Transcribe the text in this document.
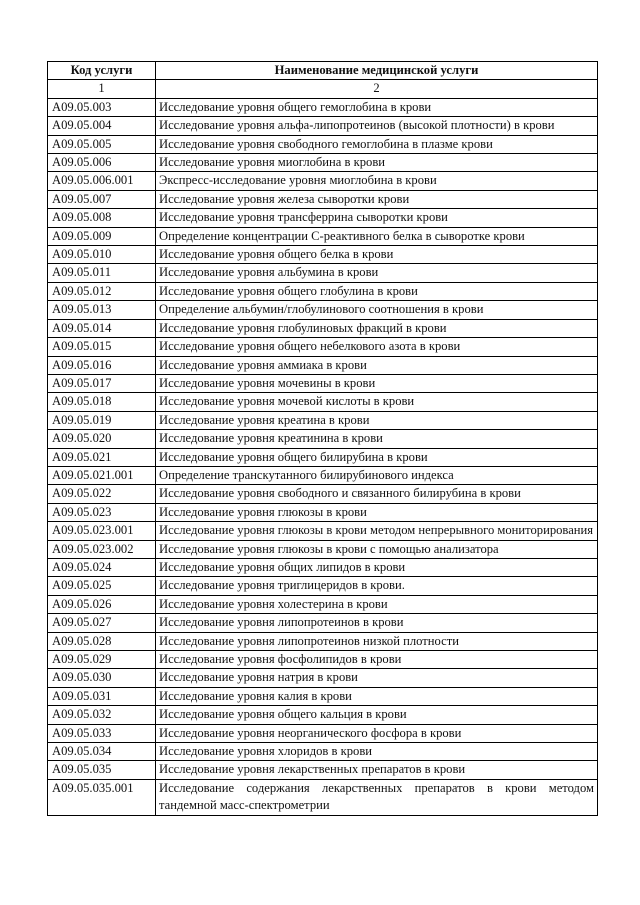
Код услуги	Наименование медицинской услуги
1	2
A09.05.003	Исследование уровня общего гемоглобина в крови
A09.05.004	Исследование уровня альфа-липопротеинов (высокой плотности) в крови
A09.05.005	Исследование уровня свободного гемоглобина в плазме крови
A09.05.006	Исследование уровня миоглобина в крови
A09.05.006.001	Экспресс-исследование уровня миоглобина в крови
A09.05.007	Исследование уровня железа сыворотки крови
A09.05.008	Исследование уровня трансферрина сыворотки крови
A09.05.009	Определение концентрации С-реактивного белка в сыворотке крови
A09.05.010	Исследование уровня общего белка в крови
A09.05.011	Исследование уровня альбумина в крови
A09.05.012	Исследование уровня общего глобулина в крови
A09.05.013	Определение альбумин/глобулинового соотношения в крови
A09.05.014	Исследование уровня глобулиновых фракций в крови
A09.05.015	Исследование уровня общего небелкового азота в крови
A09.05.016	Исследование уровня аммиака в крови
A09.05.017	Исследование уровня мочевины в крови
A09.05.018	Исследование уровня мочевой кислоты в крови
A09.05.019	Исследование уровня креатина в крови
A09.05.020	Исследование уровня креатинина в крови
A09.05.021	Исследование уровня общего билирубина в крови
A09.05.021.001	Определение транскутанного билирубинового индекса
A09.05.022	Исследование уровня свободного и связанного билирубина в крови
A09.05.023	Исследование уровня глюкозы в крови
A09.05.023.001	Исследование уровня глюкозы в крови методом непрерывного мониторирования
A09.05.023.002	Исследование уровня глюкозы в крови с помощью анализатора
A09.05.024	Исследование уровня общих липидов в крови
A09.05.025	Исследование уровня триглицеридов в крови.
A09.05.026	Исследование уровня холестерина в крови
A09.05.027	Исследование уровня липопротеинов в крови
A09.05.028	Исследование уровня липопротеинов низкой плотности
A09.05.029	Исследование уровня фосфолипидов в крови
A09.05.030	Исследование уровня натрия в крови
A09.05.031	Исследование уровня калия в крови
A09.05.032	Исследование уровня общего кальция в крови
A09.05.033	Исследование уровня неорганического фосфора в крови
A09.05.034	Исследование уровня хлоридов в крови
A09.05.035	Исследование уровня лекарственных препаратов в крови
A09.05.035.001	Исследование содержания лекарственных препаратов в крови методом тандемной масс-спектрометрии
